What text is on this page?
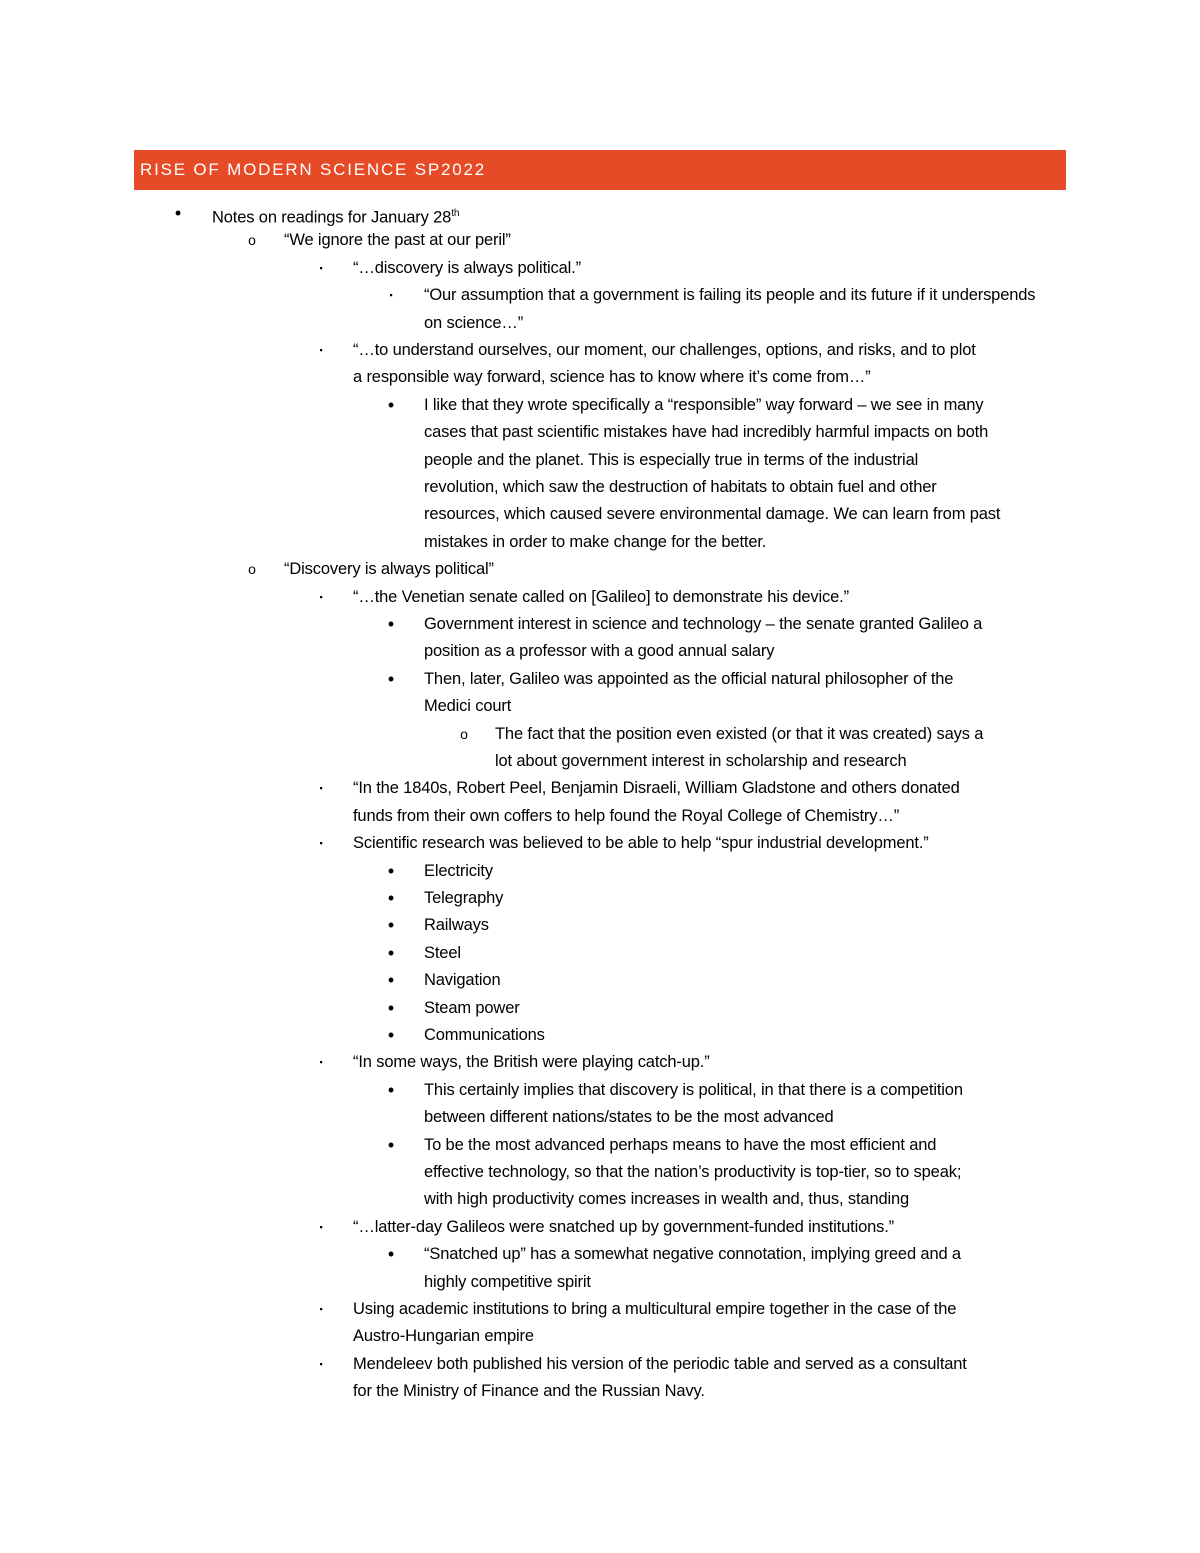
RISE OF MODERN SCIENCE SP2022
• Notes on readings for January 28th
o “We ignore the past at our peril”
▪ “…discovery is always political.”
▪ “Our assumption that a government is failing its people and its future if it underspends
on science…”
▪ “…to understand ourselves, our moment, our challenges, options, and risks, and to plot
a responsible way forward, science has to know where it’s come from…”
• I like that they wrote specifically a “responsible” way forward – we see in many
cases that past scientific mistakes have had incredibly harmful impacts on both
people and the planet. This is especially true in terms of the industrial
revolution, which saw the destruction of habitats to obtain fuel and other
resources, which caused severe environmental damage. We can learn from past
mistakes in order to make change for the better.
o “Discovery is always political”
▪ “…the Venetian senate called on [Galileo] to demonstrate his device.”
• Government interest in science and technology – the senate granted Galileo a
position as a professor with a good annual salary
• Then, later, Galileo was appointed as the official natural philosopher of the
Medici court
o The fact that the position even existed (or that it was created) says a
lot about government interest in scholarship and research
▪ “In the 1840s, Robert Peel, Benjamin Disraeli, William Gladstone and others donated
funds from their own coffers to help found the Royal College of Chemistry…”
▪ Scientific research was believed to be able to help “spur industrial development.”
• Electricity
• Telegraphy
• Railways
• Steel
• Navigation
• Steam power
• Communications
▪ “In some ways, the British were playing catch-up.”
• This certainly implies that discovery is political, in that there is a competition
between different nations/states to be the most advanced
• To be the most advanced perhaps means to have the most efficient and
effective technology, so that the nation’s productivity is top-tier, so to speak;
with high productivity comes increases in wealth and, thus, standing
▪ “…latter-day Galileos were snatched up by government-funded institutions.”
• “Snatched up” has a somewhat negative connotation, implying greed and a
highly competitive spirit
▪ Using academic institutions to bring a multicultural empire together in the case of the
Austro-Hungarian empire
▪ Mendeleev both published his version of the periodic table and served as a consultant
for the Ministry of Finance and the Russian Navy.
